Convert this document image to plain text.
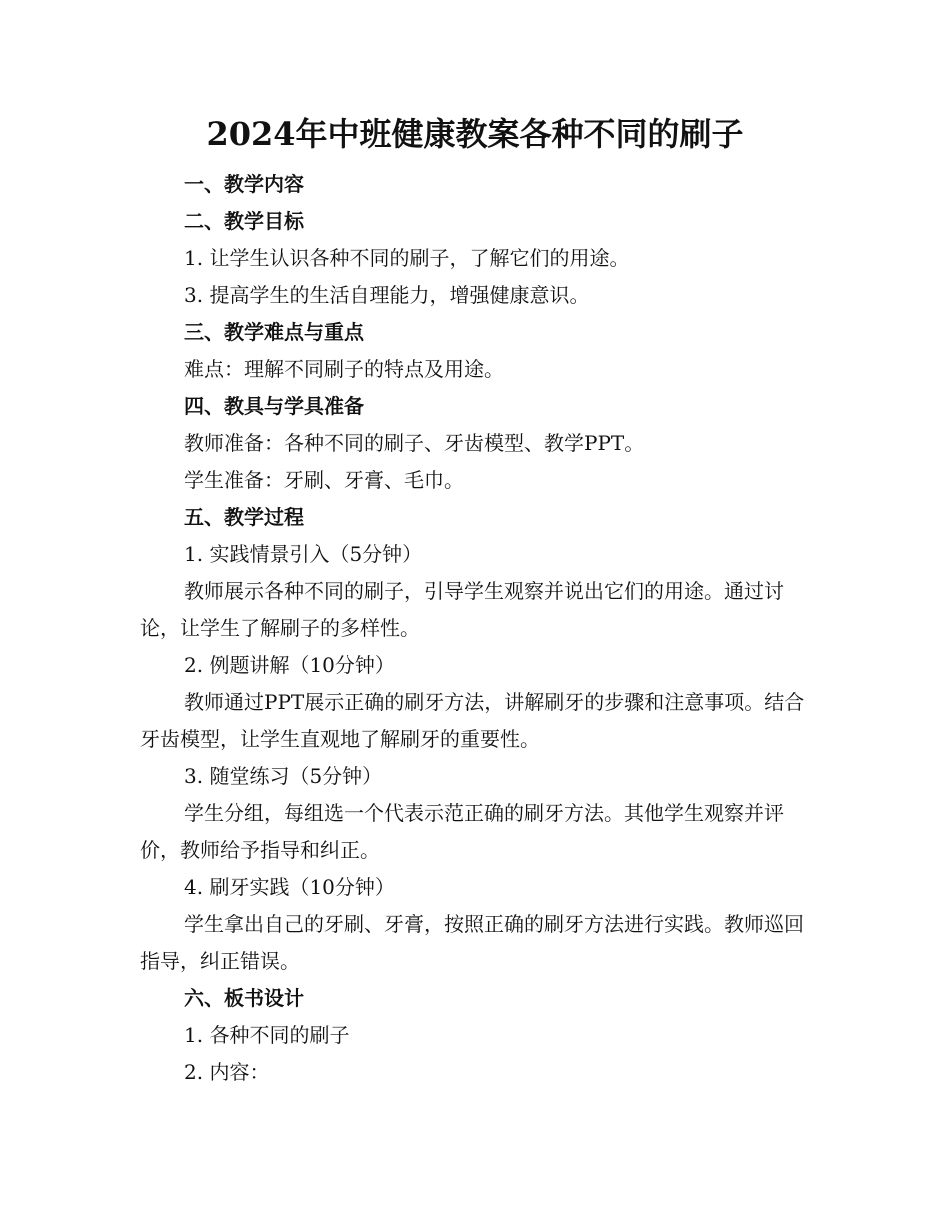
2024年中班健康教案各种不同的刷子

一、教学内容

二、教学目标

1. 让学生认识各种不同的刷子，了解它们的用途。

3. 提高学生的生活自理能力，增强健康意识。

三、教学难点与重点

难点：理解不同刷子的特点及用途。

四、教具与学具准备

教师准备：各种不同的刷子、牙齿模型、教学PPT。

学生准备：牙刷、牙膏、毛巾。

五、教学过程

1. 实践情景引入（5分钟）

教师展示各种不同的刷子，引导学生观察并说出它们的用途。通过讨论，让学生了解刷子的多样性。

2. 例题讲解（10分钟）

教师通过PPT展示正确的刷牙方法，讲解刷牙的步骤和注意事项。结合牙齿模型，让学生直观地了解刷牙的重要性。

3. 随堂练习（5分钟）

学生分组，每组选一个代表示范正确的刷牙方法。其他学生观察并评价，教师给予指导和纠正。

4. 刷牙实践（10分钟）

学生拿出自己的牙刷、牙膏，按照正确的刷牙方法进行实践。教师巡回指导，纠正错误。

六、板书设计

1. 各种不同的刷子

2. 内容：
